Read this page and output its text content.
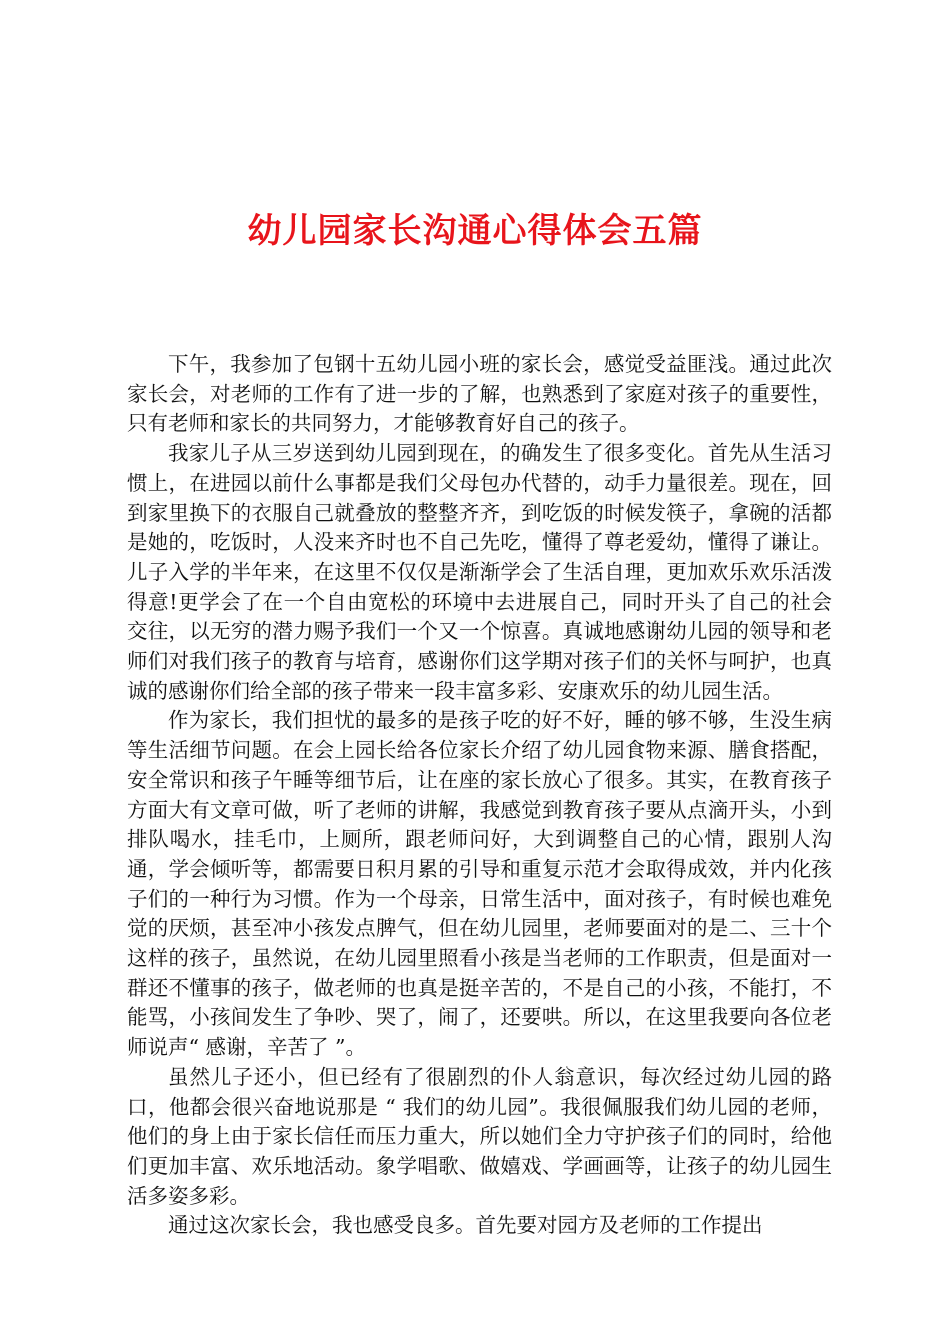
幼儿园家长沟通心得体会五篇

下午，我参加了包钢十五幼儿园小班的家长会，感觉受益匪浅。通过此次家长会，对老师的工作有了进一步的了解，也熟悉到了家庭对孩子的重要性，只有老师和家长的共同努力，才能够教育好自己的孩子。

我家儿子从三岁送到幼儿园到现在，的确发生了很多变化。首先从生活习惯上，在进园以前什么事都是我们父母包办代替的，动手力量很差。现在，回到家里换下的衣服自己就叠放的整整齐齐，到吃饭的时候发筷子，拿碗的活都是她的，吃饭时，人没来齐时也不自己先吃，懂得了尊老爱幼，懂得了谦让。儿子入学的半年来，在这里不仅仅是渐渐学会了生活自理，更加欢乐欢乐活泼得意!更学会了在一个自由宽松的环境中去进展自己，同时开头了自己的社会交往，以无穷的潜力赐予我们一个又一个惊喜。真诚地感谢幼儿园的领导和老师们对我们孩子的教育与培育，感谢你们这学期对孩子们的关怀与呵护，也真诚的感谢你们给全部的孩子带来一段丰富多彩、安康欢乐的幼儿园生活。

作为家长，我们担忧的最多的是孩子吃的好不好，睡的够不够，生没生病等生活细节问题。在会上园长给各位家长介绍了幼儿园食物来源、膳食搭配，安全常识和孩子午睡等细节后，让在座的家长放心了很多。其实，在教育孩子方面大有文章可做，听了老师的讲解，我感觉到教育孩子要从点滴开头，小到排队喝水，挂毛巾，上厕所，跟老师问好，大到调整自己的心情，跟别人沟通，学会倾听等，都需要日积月累的引导和重复示范才会取得成效，并内化孩子们的一种行为习惯。作为一个母亲，日常生活中，面对孩子，有时候也难免觉的厌烦，甚至冲小孩发点脾气，但在幼儿园里，老师要面对的是二、三十个这样的孩子，虽然说，在幼儿园里照看小孩是当老师的工作职责，但是面对一群还不懂事的孩子，做老师的也真是挺辛苦的，不是自己的小孩，不能打，不能骂，小孩间发生了争吵、哭了，闹了，还要哄。所以，在这里我要向各位老师说声“ 感谢，辛苦了 ”。

虽然儿子还小，但已经有了很剧烈的仆人翁意识，每次经过幼儿园的路口，他都会很兴奋地说那是 “ 我们的幼儿园”。我很佩服我们幼儿园的老师，他们的身上由于家长信任而压力重大，所以她们全力守护孩子们的同时，给他们更加丰富、欢乐地活动。象学唱歌、做嬉戏、学画画等，让孩子的幼儿园生活多姿多彩。

通过这次家长会，我也感受良多。首先要对园方及老师的工作提出
